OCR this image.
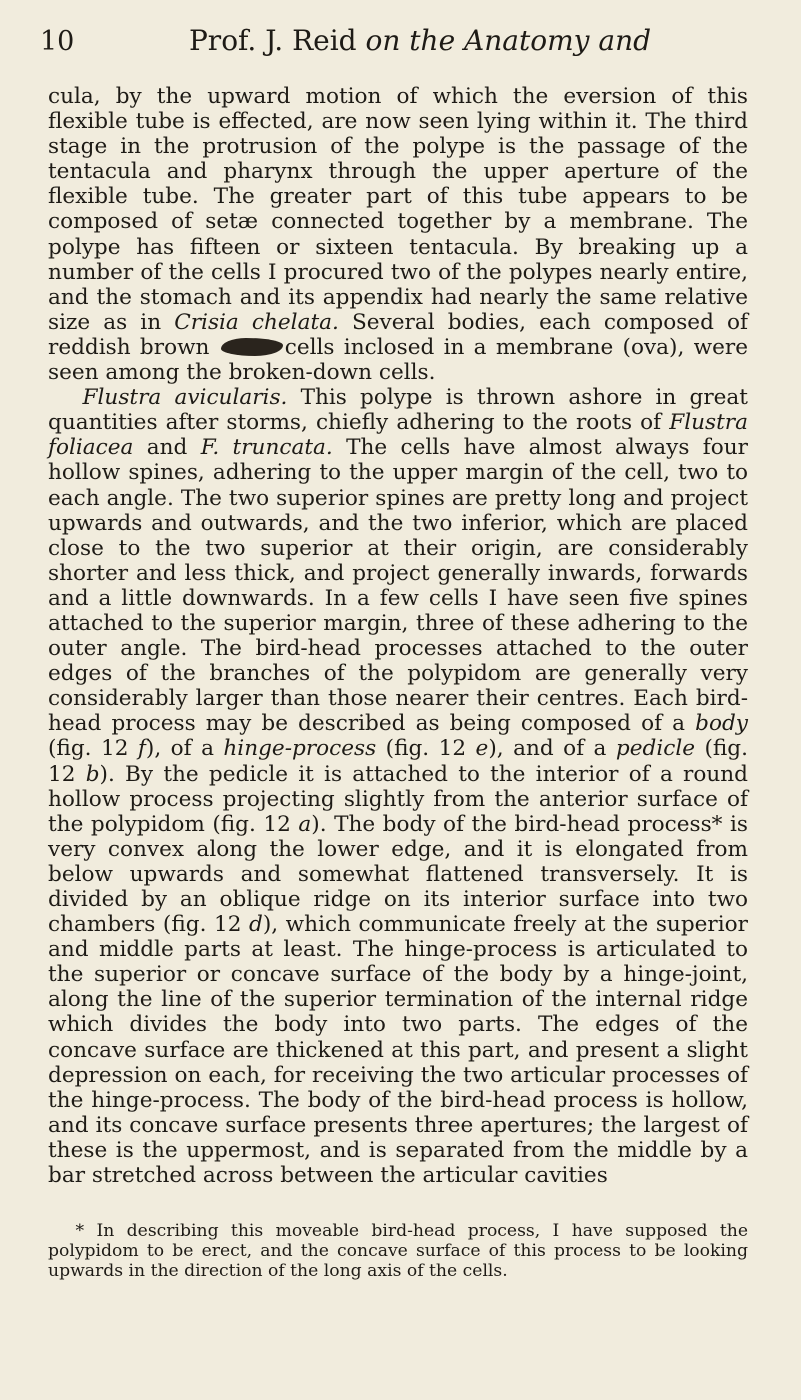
10	Prof. J. Reid on the Anatomy and

cula, by the upward motion of which the eversion of this flexible tube is effected, are now seen lying within it. The third stage in the protrusion of the polype is the passage of the tentacula and pharynx through the upper aperture of the flexible tube. The greater part of this tube appears to be composed of setæ connected together by a membrane. The polype has fifteen or sixteen tentacula. By breaking up a number of the cells I procured two of the polypes nearly entire, and the stomach and its appendix had nearly the same relative size as in Crisia chelata. Several bodies, each composed of reddish brown	cells inclosed in a membrane (ova), were seen among the broken-down cells.

Flustra avicularis. This polype is thrown ashore in great quantities after storms, chiefly adhering to the roots of Flustra foliacea and F. truncata. The cells have almost always four hollow spines, adhering to the upper margin of the cell, two to each angle. The two superior spines are pretty long and project upwards and outwards, and the two inferior, which are placed close to the two superior at their origin, are considerably shorter and less thick, and project generally inwards, forwards and a little downwards. In a few cells I have seen five spines attached to the superior margin, three of these adhering to the outer angle. The bird-head processes attached to the outer edges of the branches of the polypidom are generally very considerably larger than those nearer their centres. Each bird-head process may be described as being composed of a body (fig. 12 f), of a hinge-process (fig. 12 e), and of a pedicle (fig. 12 b). By the pedicle it is attached to the interior of a round hollow process projecting slightly from the anterior surface of the polypidom (fig. 12 a). The body of the bird-head process* is very convex along the lower edge, and it is elongated from below upwards and somewhat flattened transversely. It is divided by an oblique ridge on its interior surface into two chambers (fig. 12 d), which communicate freely at the superior and middle parts at least. The hinge-process is articulated to the superior or concave surface of the body by a hinge-joint, along the line of the superior termination of the internal ridge which divides the body into two parts. The edges of the concave surface are thickened at this part, and present a slight depression on each, for receiving the two articular processes of the hinge-process. The body of the bird-head process is hollow, and its concave surface presents three apertures; the largest of these is the uppermost, and is separated from the middle by a bar stretched across between the articular cavities

* In describing this moveable bird-head process, I have supposed the polypidom to be erect, and the concave surface of this process to be looking upwards in the direction of the long axis of the cells.
